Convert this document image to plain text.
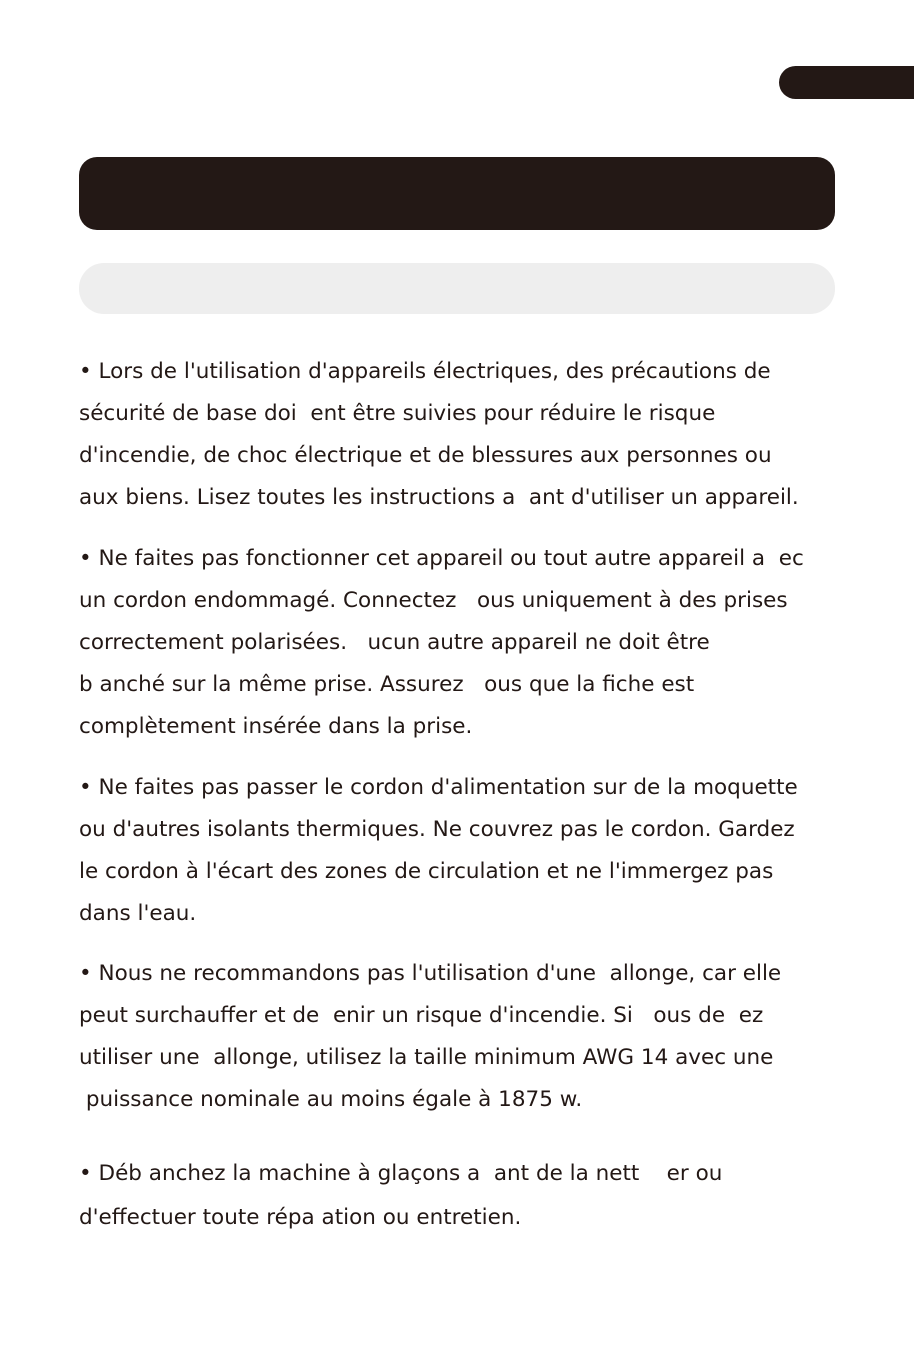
• Lors de l'utilisation d'appareils électriques, des précautions de
sécurité de base doi  ent être suivies pour réduire le risque
d'incendie, de choc électrique et de blessures aux personnes ou
aux biens. Lisez toutes les instructions a  ant d'utiliser un appareil.
• Ne faites pas fonctionner cet appareil ou tout autre appareil a  ec
un cordon endommagé. Connectez   ous uniquement à des prises
correctement polarisées.   ucun autre appareil ne doit être
b anché sur la même prise. Assurez   ous que la fiche est
complètement insérée dans la prise.
• Ne faites pas passer le cordon d'alimentation sur de la moquette
ou d'autres isolants thermiques. Ne couvrez pas le cordon. Gardez
le cordon à l'écart des zones de circulation et ne l'immergez pas
dans l'eau.
• Nous ne recommandons pas l'utilisation d'une  allonge, car elle
peut surchauffer et de  enir un risque d'incendie. Si   ous de  ez
utiliser une  allonge, utilisez la taille minimum AWG 14 avec une
puissance nominale au moins égale à 1875 w.
• Déb anchez la machine à glaçons a  ant de la nett    er ou
d'effectuer toute répa ation ou entretien.
